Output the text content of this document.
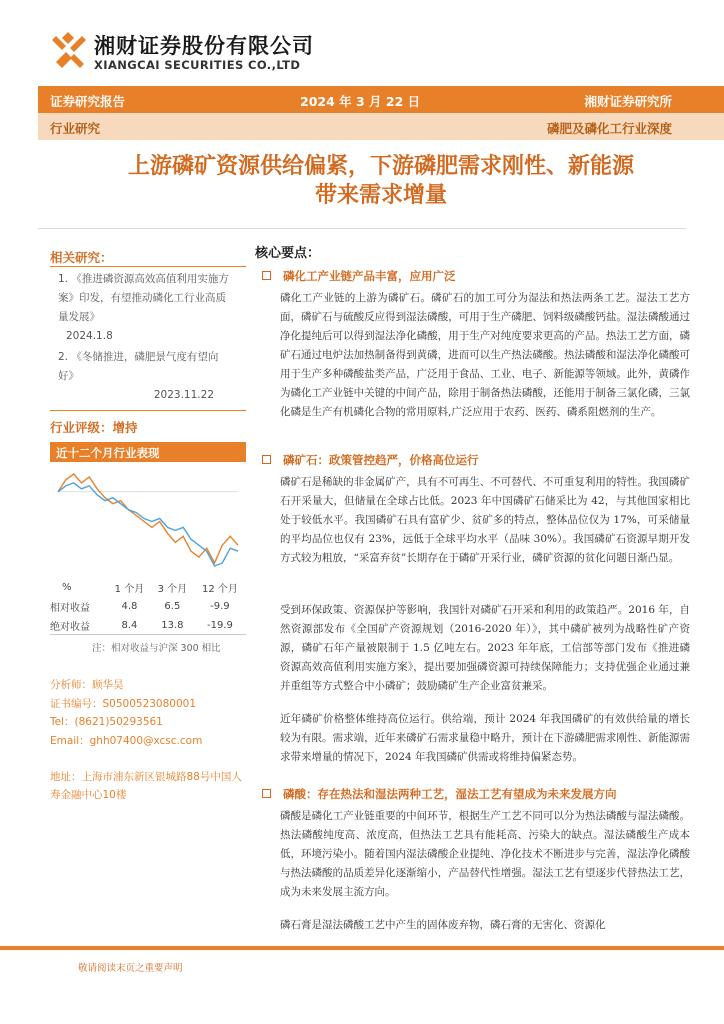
湘财证券股份有限公司
XIANGCAI SECURITIES CO.,LTD
证券研究报告	2024 年 3 月 22 日	湘财证券研究所
行业研究	磷肥及磷化工行业深度
上游磷矿资源供给偏紧，下游磷肥需求刚性、新能源
带来需求增量
相关研究：
1. 《推进磷资源高效高值利用实施方案》印发，有望推动磷化工行业高质量发展》
2024.1.8
2. 《冬储推进，磷肥景气度有望向好》
2023.11.22
行业评级：增持
近十二个月行业表现
%	1 个月	3 个月	12 个月
相对收益	4.8	6.5	-9.9
绝对收益	8.4	13.8	-19.9
注：相对收益与沪深 300 相比
分析师：顾华昊
证书编号：S0500523080001
Tel：(8621)50293561
Email：ghh07400@xcsc.com
地址：上海市浦东新区银城路88号中国人寿金融中心10楼
核心要点：
磷化工产业链产品丰富，应用广泛
磷化工产业链的上游为磷矿石。磷矿石的加工可分为湿法和热法两条工艺。湿法工艺方面，磷矿石与硫酸反应得到湿法磷酸，可用于生产磷肥、饲料级磷酸钙盐。湿法磷酸通过净化提纯后可以得到湿法净化磷酸，用于生产对纯度要求更高的产品。热法工艺方面，磷矿石通过电炉法加热制备得到黄磷，进而可以生产热法磷酸。热法磷酸和湿法净化磷酸可用于生产多种磷酸盐类产品，广泛用于食品、工业、电子、新能源等领域。此外，黄磷作为磷化工产业链中关键的中间产品，除用于制备热法磷酸，还能用于制备三氯化磷，三氯化磷是生产有机磷化合物的常用原料,广泛应用于农药、医药、磷系阻燃剂的生产。
磷矿石：政策管控趋严，价格高位运行
磷矿石是稀缺的非金属矿产，具有不可再生、不可替代、不可重复利用的特性。我国磷矿石开采量大，但储量在全球占比低。2023 年中国磷矿石储采比为 42，与其他国家相比处于较低水平。我国磷矿石具有富矿少、贫矿多的特点，整体品位仅为 17%，可采储量的平均品位也仅有 23%，远低于全球平均水平（品味 30%）。我国磷矿石资源早期开发方式较为粗放，“采富弃贫”长期存在于磷矿开采行业，磷矿资源的贫化问题日渐凸显。
受到环保政策、资源保护等影响，我国针对磷矿石开采和利用的政策趋严。2016 年，自然资源部发布《全国矿产资源规划（2016-2020 年）》，其中磷矿被列为战略性矿产资源，磷矿石年产量被限制于 1.5 亿吨左右。2023 年年底，工信部等部门发布《推进磷资源高效高值利用实施方案》，提出要加强磷资源可持续保障能力；支持优强企业通过兼并重组等方式整合中小磷矿；鼓励磷矿生产企业富贫兼采。
近年磷矿价格整体维持高位运行。供给端，预计 2024 年我国磷矿的有效供给量的增长较为有限。需求端，近年来磷矿石需求量稳中略升，预计在下游磷肥需求刚性、新能源需求带来增量的情况下，2024 年我国磷矿供需或将维持偏紧态势。
磷酸：存在热法和湿法两种工艺，湿法工艺有望成为未来发展方向
磷酸是磷化工产业链重要的中间环节，根据生产工艺不同可以分为热法磷酸与湿法磷酸。热法磷酸纯度高、浓度高，但热法工艺具有能耗高、污染大的缺点。湿法磷酸生产成本低，环境污染小。随着国内湿法磷酸企业提纯、净化技术不断进步与完善，湿法净化磷酸与热法磷酸的品质差异化逐渐缩小，产品替代性增强。湿法工艺有望逐步代替热法工艺，成为未来发展主流方向。
磷石膏是湿法磷酸工艺中产生的固体废弃物，磷石膏的无害化、资源化
敬请阅读末页之重要声明
